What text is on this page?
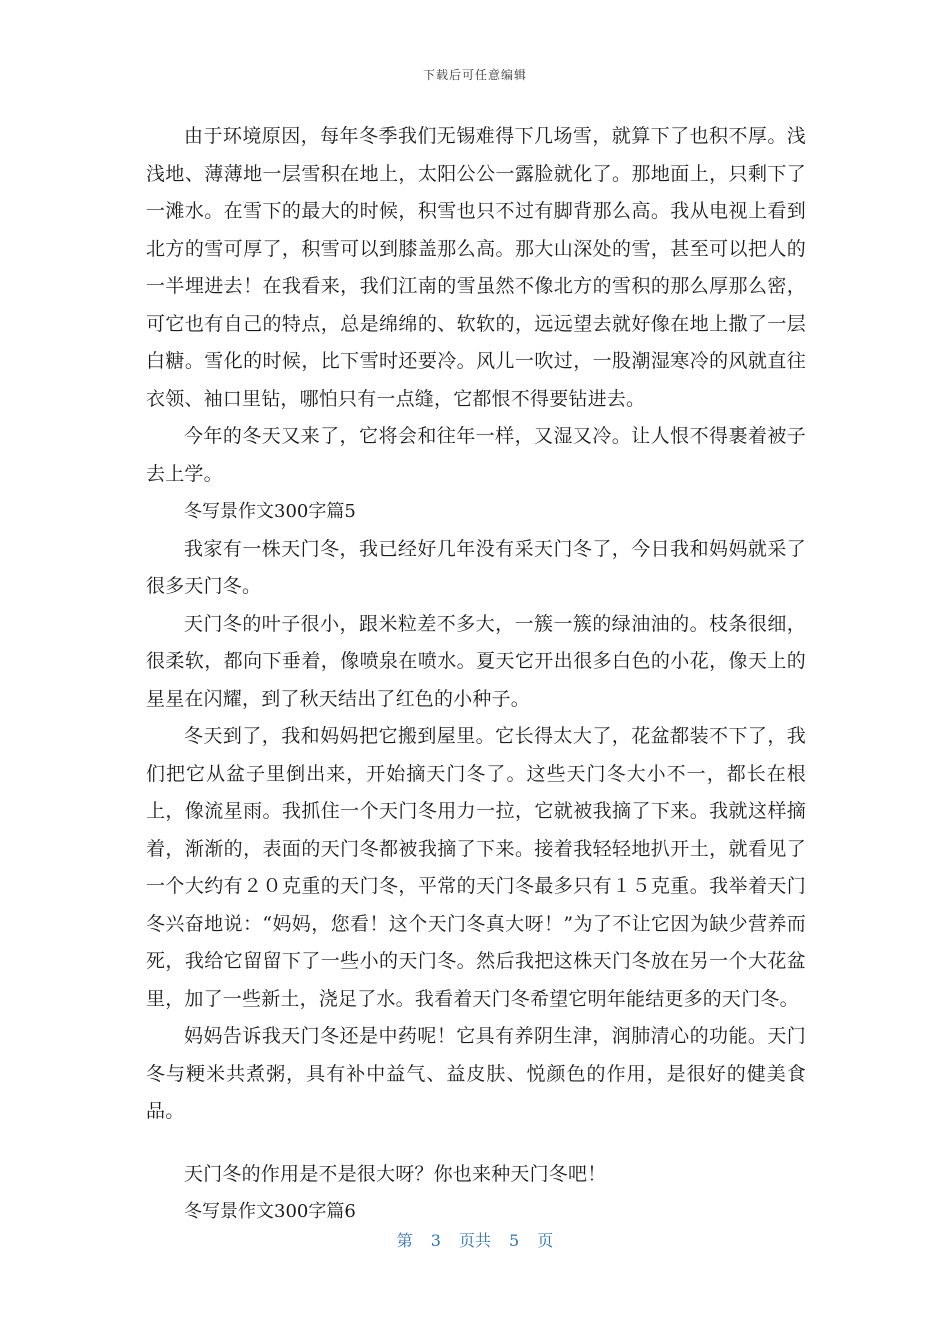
下载后可任意编辑

由于环境原因，每年冬季我们无锡难得下几场雪，就算下了也积不厚。浅浅地、薄薄地一层雪积在地上，太阳公公一露脸就化了。那地面上，只剩下了一滩水。在雪下的最大的时候，积雪也只不过有脚背那么高。我从电视上看到北方的雪可厚了，积雪可以到膝盖那么高。那大山深处的雪，甚至可以把人的一半埋进去！在我看来，我们江南的雪虽然不像北方的雪积的那么厚那么密，可它也有自己的特点，总是绵绵的、软软的，远远望去就好像在地上撒了一层白糖。雪化的时候，比下雪时还要冷。风儿一吹过，一股潮湿寒冷的风就直往衣领、袖口里钻，哪怕只有一点缝，它都恨不得要钻进去。

今年的冬天又来了，它将会和往年一样，又湿又冷。让人恨不得裹着被子去上学。

冬写景作文300字篇5

我家有一株天门冬，我已经好几年没有采天门冬了，今日我和妈妈就采了很多天门冬。

天门冬的叶子很小，跟米粒差不多大，一簇一簇的绿油油的。枝条很细，很柔软，都向下垂着，像喷泉在喷水。夏天它开出很多白色的小花，像天上的星星在闪耀，到了秋天结出了红色的小种子。

冬天到了，我和妈妈把它搬到屋里。它长得太大了，花盆都装不下了，我们把它从盆子里倒出来，开始摘天门冬了。这些天门冬大小不一，都长在根上，像流星雨。我抓住一个天门冬用力一拉，它就被我摘了下来。我就这样摘着，渐渐的，表面的天门冬都被我摘了下来。接着我轻轻地扒开土，就看见了一个大约有２０克重的天门冬，平常的天门冬最多只有１５克重。我举着天门冬兴奋地说：“妈妈，您看！这个天门冬真大呀！”为了不让它因为缺少营养而死，我给它留留下了一些小的天门冬。然后我把这株天门冬放在另一个大花盆里，加了一些新土，浇足了水。我看着天门冬希望它明年能结更多的天门冬。

妈妈告诉我天门冬还是中药呢！它具有养阴生津，润肺清心的功能。天门冬与粳米共煮粥，具有补中益气、益皮肤、悦颜色的作用，是很好的健美食品。

天门冬的作用是不是很大呀？你也来种天门冬吧！

冬写景作文300字篇6

第 3 页共 5 页
